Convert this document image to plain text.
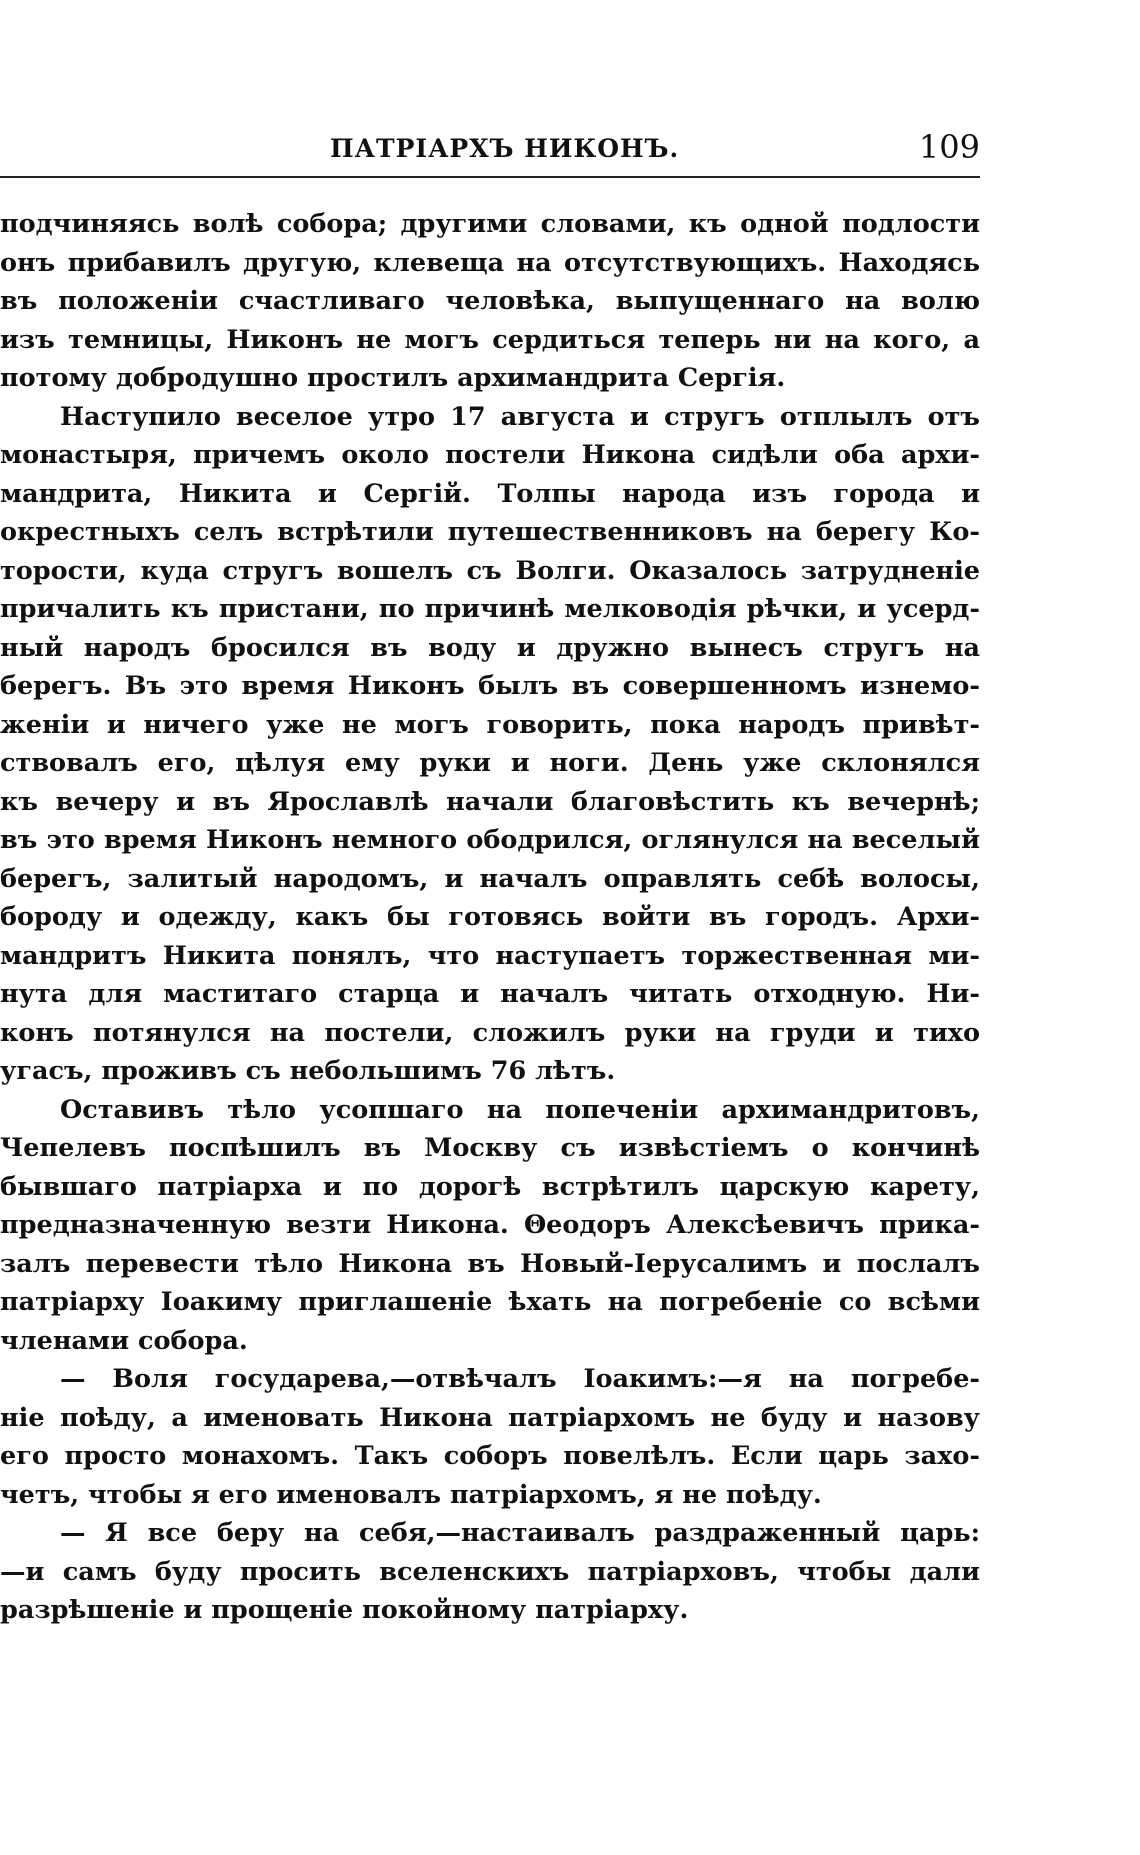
ПАТРІАРХЪ НИКОНЪ.	109
подчиняясь волѣ собора; другими словами, къ одной подлости
онъ прибавилъ другую, клевеща на отсутствующихъ. Находясь
въ положеніи счастливаго человѣка, выпущеннаго на волю
изъ темницы, Никонъ не могъ сердиться теперь ни на кого, а
потому добродушно простилъ архимандрита Сергія.
Наступило веселое утро 17 августа и стругъ отплылъ отъ
монастыря, причемъ около постели Никона сидѣли оба архи-
мандрита, Никита и Сергій. Толпы народа изъ города и
окрестныхъ селъ встрѣтили путешественниковъ на берегу Ко-
торости, куда стругъ вошелъ съ Волги. Оказалось затрудненіе
причалить къ пристани, по причинѣ мелководія рѣчки, и усерд-
ный народъ бросился въ воду и дружно вынесъ стругъ на
берегъ. Въ это время Никонъ былъ въ совершенномъ изнемо-
женіи и ничего уже не могъ говорить, пока народъ привѣт-
ствовалъ его, цѣлуя ему руки и ноги. День уже склонялся
къ вечеру и въ Ярославлѣ начали благовѣстить къ вечернѣ;
въ это время Никонъ немн͏ого ободрился, оглянулся на веселый
берегъ, залитый народомъ, и началъ оправлять себѣ волосы,
бороду и одежду, какъ бы готовясь войти въ городъ. Архи-
мандритъ Никита понялъ, что наступаетъ торжественная ми-
нута для маститаго старца и началъ читать отходную. Ни-
конъ потянулся на постели, сложилъ руки на груди и тихо
угасъ, проживъ съ небольшимъ 76 лѣтъ.
Оставивъ тѣло усопшаго на попеченіи архимандритовъ,
Чепелевъ поспѣшилъ въ Москву съ извѣстіемъ о кончинѣ
бывшаго патріарха и по дорогѣ встрѣтилъ царскую карету,
предназначенную везти Никона. Θеодоръ Алексѣевичъ прика-
залъ перевести тѣло Никона въ Новый-Іерусалимъ и послалъ
патріарху Іоакиму приглашеніе ѣхать на погребеніе со всѣми
членами собора.
— Воля государева,—отвѣчалъ Іоакимъ:—я на погребе-
ніе поѣду, а именовать Никона патріархомъ не буду и назову
его просто монахомъ. Такъ соборъ повелѣлъ. Если царь захо-
четъ, чтобы я его именовалъ патріархомъ, я не поѣду.
— Я все беру на себя,—настаивалъ раздраженный царь:
—и самъ буду просить вселенскихъ патріарховъ, чтобы дали
разрѣшеніе и прощеніе покойному патріарху.
